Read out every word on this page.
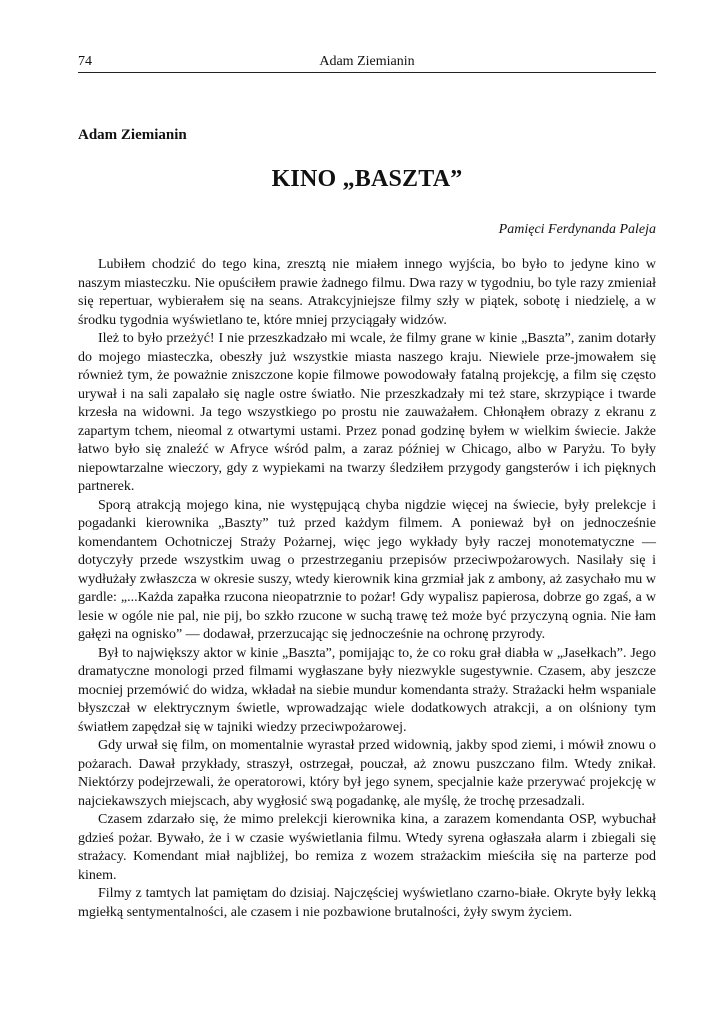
74	Adam Ziemianin
Adam Ziemianin
KINO „BASZTA”
Pamięci Ferdynanda Paleja

Lubiłem chodzić do tego kina, zresztą nie miałem innego wyjścia, bo było to jedyne kino w naszym miasteczku. Nie opuściłem prawie żadnego filmu. Dwa razy w tygodniu, bo tyle razy zmieniał się repertuar, wybierałem się na seans. Atrakcyjniejsze filmy szły w piątek, sobotę i niedzielę, a w środku tygodnia wyświetlano te, które mniej przyciągały widzów.

Ileż to było przeżyć! I nie przeszkadzało mi wcale, że filmy grane w kinie „Baszta”, zanim dotarły do mojego miasteczka, obeszły już wszystkie miasta naszego kraju. Niewiele prze-jmowałem się również tym, że poważnie zniszczone kopie filmowe powodowały fatalną projekcję, a film się często urywał i na sali zapalało się nagle ostre światło. Nie przeszkadzały mi też stare, skrzypiące i twarde krzesła na widowni. Ja tego wszystkiego po prostu nie zauważałem. Chłonąłem obrazy z ekranu z zapartym tchem, nieomal z otwartymi ustami. Przez ponad godzinę byłem w wielkim świecie. Jakże łatwo było się znaleźć w Afryce wśród palm, a zaraz później w Chicago, albo w Paryżu. To były niepowtarzalne wieczory, gdy z wypiekami na twarzy śledziłem przygody gangsterów i ich pięknych partnerek.

Sporą atrakcją mojego kina, nie występującą chyba nigdzie więcej na świecie, były prelekcje i pogadanki kierownika „Baszty” tuż przed każdym filmem. A ponieważ był on jednocześnie komendantem Ochotniczej Straży Pożarnej, więc jego wykłady były raczej monotematyczne — dotyczyły przede wszystkim uwag o przestrzeganiu przepisów przeciwpożarowych. Nasilały się i wydłużały zwłaszcza w okresie suszy, wtedy kierownik kina grzmiał jak z ambony, aż zasychało mu w gardle: „...Każda zapałka rzucona nieopatrznie to pożar! Gdy wypalisz papierosa, dobrze go zgaś, a w lesie w ogóle nie pal, nie pij, bo szkło rzucone w suchą trawę też może być przyczyną ognia. Nie łam gałęzi na ognisko” — dodawał, przerzucając się jednocześnie na ochronę przyrody.

Był to największy aktor w kinie „Baszta”, pomijając to, że co roku grał diabła w „Jasełkach”. Jego dramatyczne monologi przed filmami wygłaszane były niezwykle sugestywnie. Czasem, aby jeszcze mocniej przemówić do widza, wkładał na siebie mundur komendanta straży. Strażacki hełm wspaniale błyszczał w elektrycznym świetle, wprowadzając wiele dodatkowych atrakcji, a on olśniony tym światłem zapędzał się w tajniki wiedzy przeciwpożarowej.

Gdy urwał się film, on momentalnie wyrastał przed widownią, jakby spod ziemi, i mówił znowu o pożarach. Dawał przykłady, straszył, ostrzegał, pouczał, aż znowu puszczano film. Wtedy znikał. Niektórzy podejrzewali, że operatorowi, który był jego synem, specjalnie każe przerywać projekcję w najciekawszych miejscach, aby wygłosić swą pogadankę, ale myślę, że trochę przesadzali.

Czasem zdarzało się, że mimo prelekcji kierownika kina, a zarazem komendanta OSP, wybuchał gdzieś pożar. Bywało, że i w czasie wyświetlania filmu. Wtedy syrena ogłaszała alarm i zbiegali się strażacy. Komendant miał najbliżej, bo remiza z wozem strażackim mieściła się na parterze pod kinem.

Filmy z tamtych lat pamiętam do dzisiaj. Najczęściej wyświetlano czarno-białe. Okryte były lekką mgiełką sentymentalności, ale czasem i nie pozbawione brutalności, żyły swym życiem.
